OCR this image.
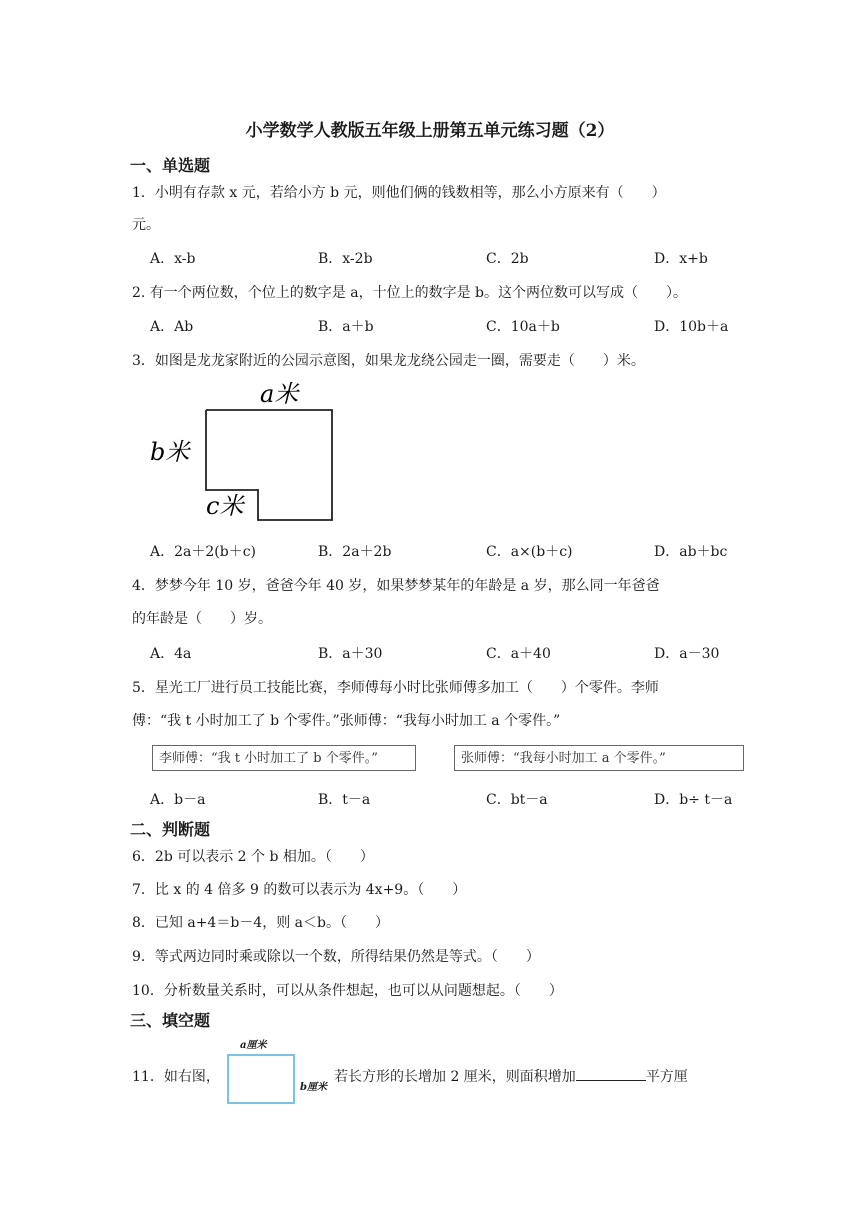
小学数学人教版五年级上册第五单元练习题（2）
一、单选题
1．小明有存款 x 元，若给小方 b 元，则他们俩的钱数相等，那么小方原来有（　　）
元。
A．x-b	B．x-2b	C．2b	D．x+b
2. 有一个两位数，个位上的数字是 a，十位上的数字是 b。这个两位数可以写成（　　）。
A．Ab	B．a＋b	C．10a＋b	D．10b＋a
3．如图是龙龙家附近的公园示意图，如果龙龙绕公园走一圈，需要走（　　）米。
a米
b米
c米
A．2a＋2(b＋c)	B．2a＋2b	C．a×(b＋c)	D．ab＋bc
4．梦梦今年 10 岁，爸爸今年 40 岁，如果梦梦某年的年龄是 a 岁，那么同一年爸爸
的年龄是（　　）岁。
A．4a	B．a＋30	C．a＋40	D．a－30
5．星光工厂进行员工技能比赛，李师傅每小时比张师傅多加工（　　）个零件。李师
傅：“我 t 小时加工了 b 个零件。”张师傅：“我每小时加工 a 个零件。”
李师傅：“我 t 小时加工了 b 个零件。”	张师傅：“我每小时加工 a 个零件。”
A．b－a	B．t－a	C．bt－a	D．b÷ t－a
二、判断题
6．2b 可以表示 2 个 b 相加。（　　）
7．比 x 的 4 倍多 9 的数可以表示为 4x+9。（　　）
8．已知 a+4＝b－4，则 a＜b。（　　）
9．等式两边同时乘或除以一个数，所得结果仍然是等式。（　　）
10．分析数量关系时，可以从条件想起，也可以从问题想起。（　　）
三、填空题
11．如右图，
a厘米
b厘米
若长方形的长增加 2 厘米，则面积增加	平方厘
